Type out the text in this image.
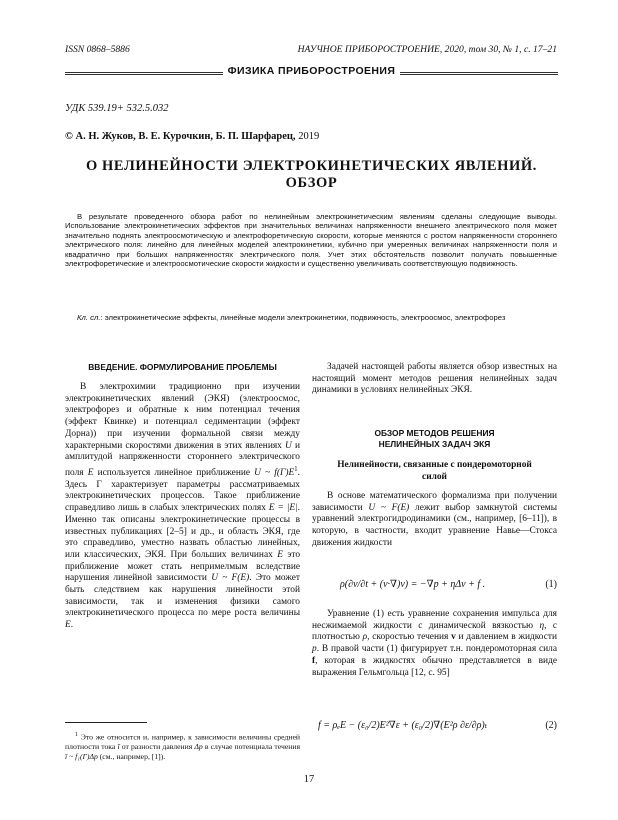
ISSN 0868–5886	НАУЧНОЕ ПРИБОРОСТРОЕНИЕ, 2020, том 30, № 1, с. 17–21
ФИЗИКА ПРИБОРОСТРОЕНИЯ
УДК 539.19+ 532.5.032
© А. Н. Жуков, В. Е. Курочкин, Б. П. Шарфарец, 2019
О НЕЛИНЕЙНОСТИ ЭЛЕКТРОКИНЕТИЧЕСКИХ ЯВЛЕНИЙ.
ОБЗОР

В результате проведенного обзора работ по нелинейным электрокинетическим явлениям сделаны следующие выводы. Использование электрокинетических эффектов при значительных величинах напряженности внешнего электрического поля может значительно поднять электроосмотическую и электрофоретическую скорости, которые меняются с ростом напряженности стороннего электрического поля: линейно для линейных моделей электрокинетики, кубично при умеренных величинах напряженности поля и квадратично при больших напряженностях электрического поля. Учет этих обстоятельств позволит получать повышенные электрофоретические и электроосмотические скорости жидкости и существенно увеличивать соответствующую подвижность.

Кл. сл.: электрокинетические эффекты, линейные модели электрокинетики, подвижность, электроосмос, электрофорез
ВВЕДЕНИЕ. ФОРМУЛИРОВАНИЕ ПРОБЛЕМЫ

В электрохимии традиционно при изучении электрокинетических явлений (ЭКЯ) (электроосмос, электрофорез и обратные к ним потенциал течения (эффект Квинке) и потенциал седиментации (эффект Дорна)) при изучении формальной связи между характерными скоростями движения в этих явлениях U и амплитудой напряженности стороннего электрического поля E используется линейное приближение U ~ $f(\Gamma)E^1$. Здесь Г характеризует параметры рассматриваемых электрокинетических процессов. Такое приближение справедливо лишь в слабых электрических полях E = |E|. Именно так описаны электрокинетические процессы в известных публикациях [2–5] и др., и область ЭКЯ, где это справедливо, уместно назвать областью линейных, или классических, ЭКЯ. При больших величинах E это приближение может стать непримелмым вследствие нарушения линейной зависимости U ~ F(E). Это может быть следствием как нарушения линейности этой зависимости, так и изменения физики самого электрокинетического процесса по мере роста величины E.

$^1$ Это же относится и, например, к зависимости величины средней плотности тока ī от разности давления Δp в случае потенциала течения ī ~ f₁(Γ)Δp (см., например, [1]).

Задачей настоящей работы является обзор известных на настоящий момент методов решения нелинейных задач динамики в условиях нелинейных ЭКЯ.

ОБЗОР МЕТОДОВ РЕШЕНИЯ
НЕЛИНЕЙНЫХ ЗАДАЧ ЭКЯ
Нелинейности, связанные с пондеромоторной
силой

В основе математического формализма при получении зависимости U ~ F(E) лежит выбор замкнутой системы уравнений электрогидродинамики (см., например, [6–11]), в которую, в частности, входит уравнение Навье—Стокса движения жидкости

ρ(∂v/∂t + (v·∇)v) = −∇p + ηΔv + f .	(1)

Уравнение (1) есть уравнение сохранения импульса для несжимаемой жидкости с динамической вязкостью η, с плотностью ρ, скоростью течения v и давлением в жидкости p. В правой части (1) фигурирует т.н. пондеромоторная сила f, которая в жидкостях обычно представляется в виде выражения Гельмгольца [12, с. 95]

f = ρₑE − (ε₀/2)E²∇ε + (ε₀/2)∇(E²ρ ∂ε/∂ρ)ₜ	(2)
17
